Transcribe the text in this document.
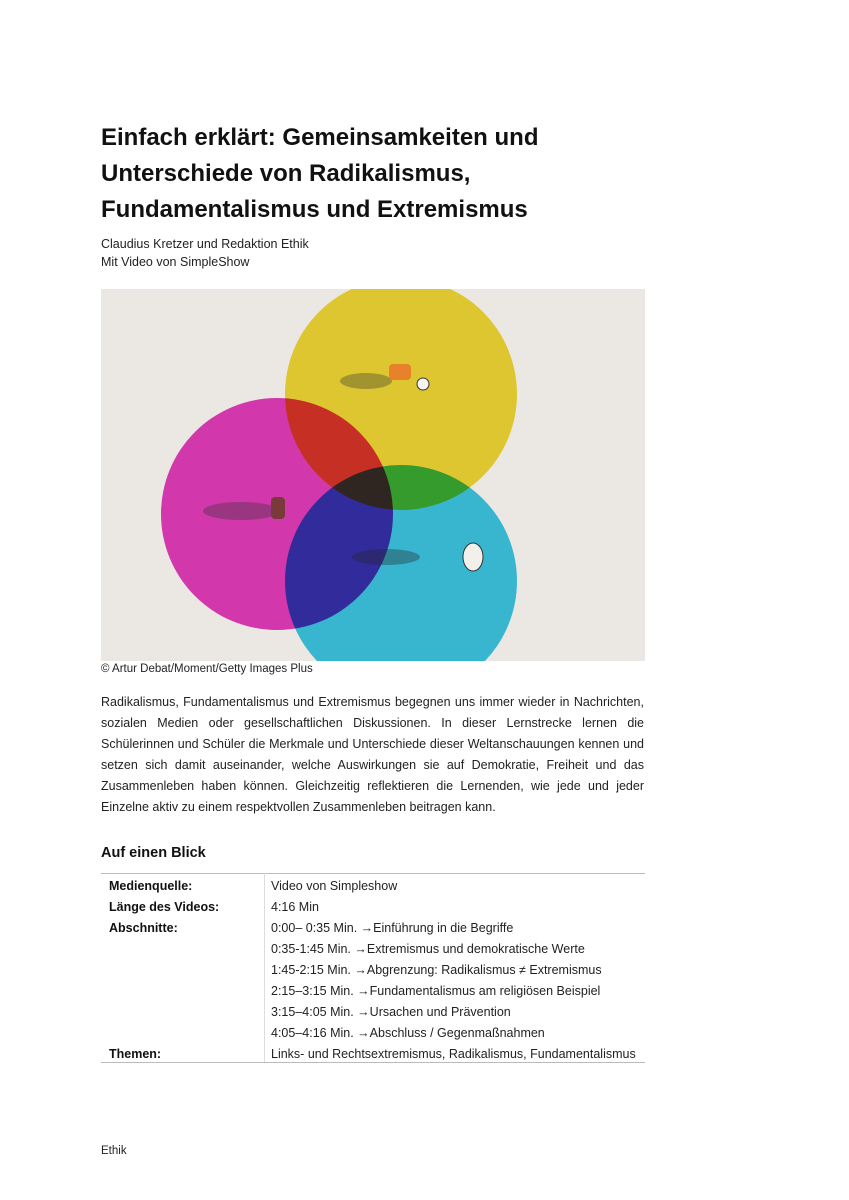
Einfach erklärt: Gemeinsamkeiten und
Unterschiede von Radikalismus,
Fundamentalismus und Extremismus
Claudius Kretzer und Redaktion Ethik
Mit Video von SimpleShow
© Artur Debat/Moment/Getty Images Plus
Radikalismus, Fundamentalismus und Extremismus begegnen uns immer wieder in Nachrichten, sozialen Medien oder gesellschaftlichen Diskussionen. In dieser Lernstrecke lernen die Schülerinnen und Schüler die Merkmale und Unterschiede dieser Weltanschauungen kennen und setzen sich damit auseinander, welche Auswirkungen sie auf Demokratie, Freiheit und das Zusammenleben haben können. Gleichzeitig reflektieren die Lernenden, wie jede und jeder Einzelne aktiv zu einem respektvollen Zusammenleben beitragen kann.
Auf einen Blick
Medienquelle:	Video von Simpleshow
Länge des Videos:	4:16 Min
Abschnitte:	0:00– 0:35 Min. →Einführung in die Begriffe
	0:35-1:45 Min. →Extremismus und demokratische Werte
	1:45-2:15 Min. →Abgrenzung: Radikalismus ≠ Extremismus
	2:15–3:15 Min. →Fundamentalismus am religiösen Beispiel
	3:15–4:05 Min. →Ursachen und Prävention
	4:05–4:16 Min. →Abschluss / Gegenmaßnahmen
Themen:	Links- und Rechtsextremismus, Radikalismus, Fundamentalismus
Ethik
